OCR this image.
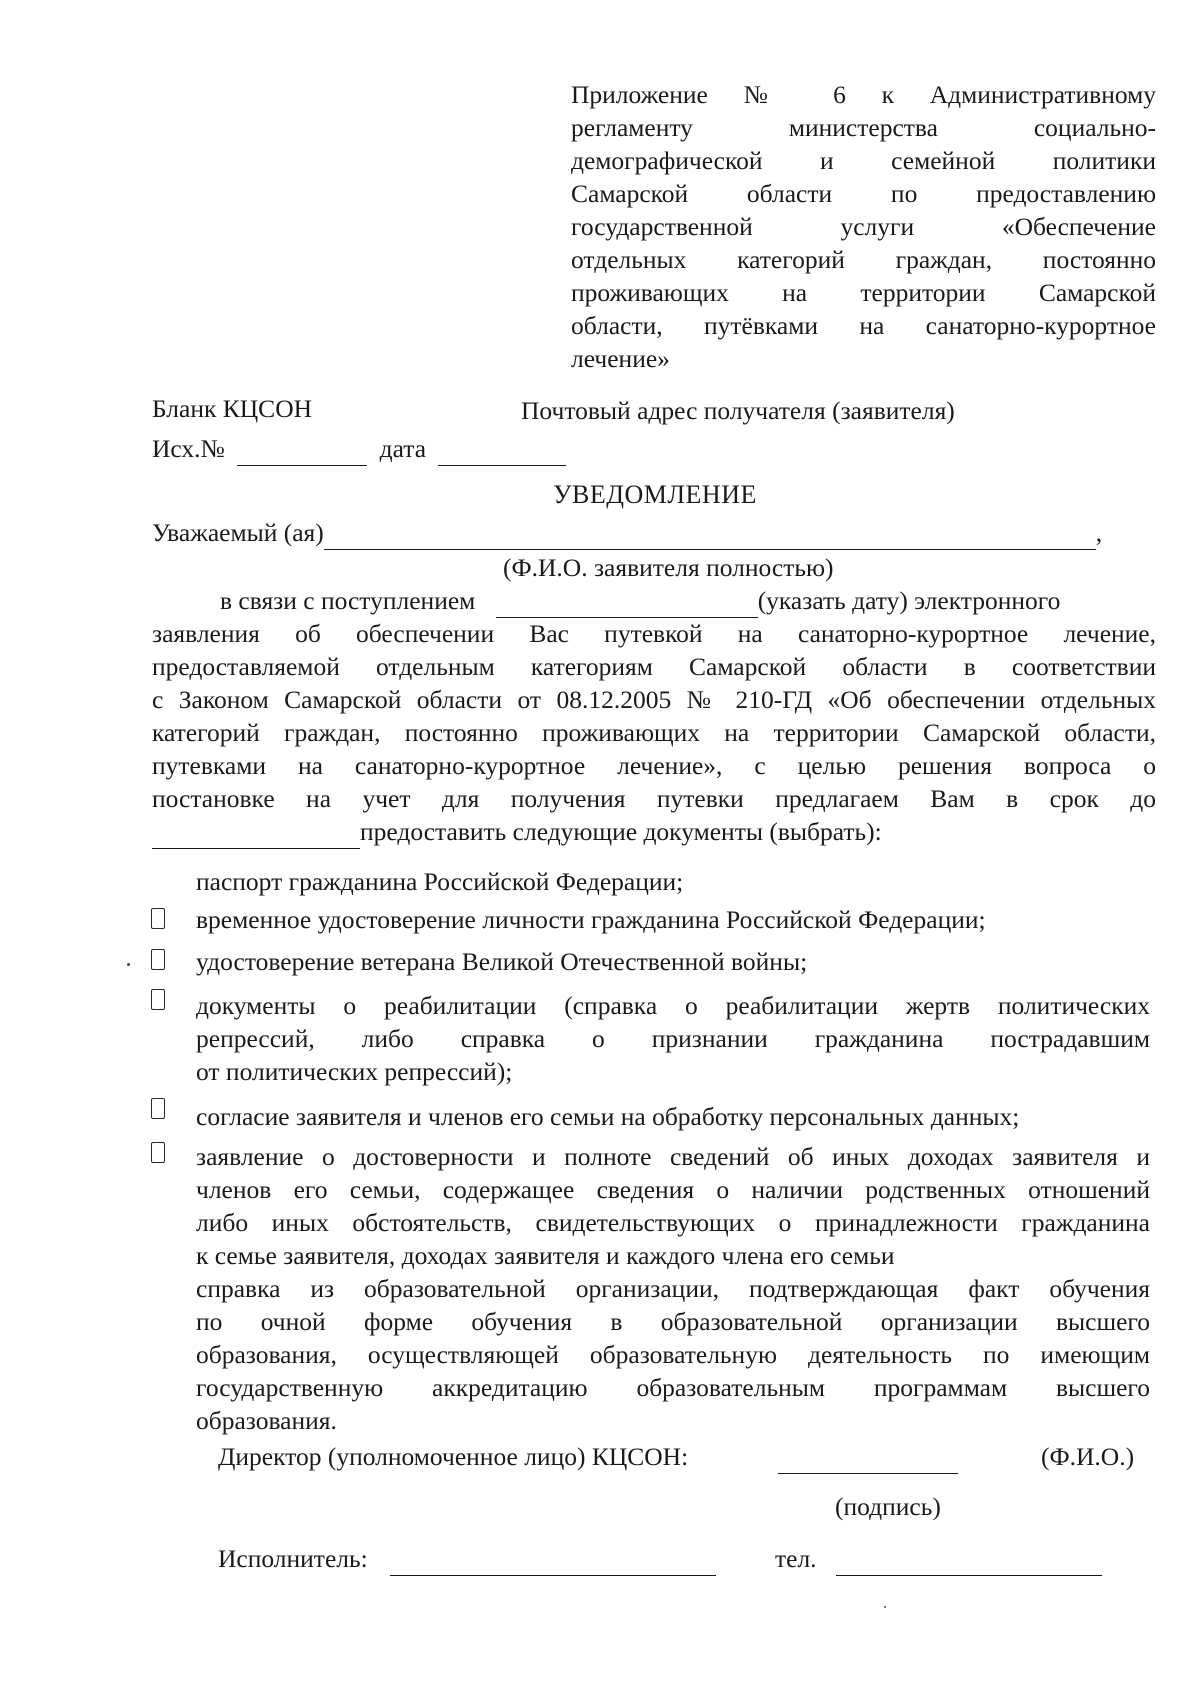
Приложение № 6 к Административному
регламенту министерства социально-
демографической и семейной политики
Самарской области по предоставлению
государственной услуги «Обеспечение
отдельных категорий граждан, постоянно
проживающих на территории Самарской
области, путёвками на санаторно-курортное
лечение»
Бланк КЦСОН	Почтовый адрес получателя (заявителя)
Исх.№	дата
УВЕДОМЛЕНИЕ
Уважаемый (ая)	,
(Ф.И.О. заявителя полностью)
в связи с поступлением	(указать дату) электронного
заявления об обеспечении Вас путевкой на санаторно-курортное лечение,
предоставляемой отдельным категориям Самарской области в соответствии
с Законом Самарской области от 08.12.2005 № 210-ГД «Об обеспечении отдельных
категорий граждан, постоянно проживающих на территории Самарской области,
путевками на санаторно-курортное лечение», с целью решения вопроса о
постановке на учет для получения путевки предлагаем Вам в срок до
предоставить следующие документы (выбрать):
паспорт гражданина Российской Федерации;
временное удостоверение личности гражданина Российской Федерации;
удостоверение ветерана Великой Отечественной войны;
документы о реабилитации (справка о реабилитации жертв политических
репрессий, либо справка о признании гражданина пострадавшим
от политических репрессий);
согласие заявителя и членов его семьи на обработку персональных данных;
заявление о достоверности и полноте сведений об иных доходах заявителя и
членов его семьи, содержащее сведения о наличии родственных отношений
либо иных обстоятельств, свидетельствующих о принадлежности гражданина
к семье заявителя, доходах заявителя и каждого члена его семьи
справка из образовательной организации, подтверждающая факт обучения
по очной форме обучения в образовательной организации высшего
образования, осуществляющей образовательную деятельность по имеющим
государственную аккредитацию образовательным программам высшего
образования.
Директор (уполномоченное лицо) КЦСОН:
	(Ф.И.О.)
(подпись)
Исполнитель:
	тел.
